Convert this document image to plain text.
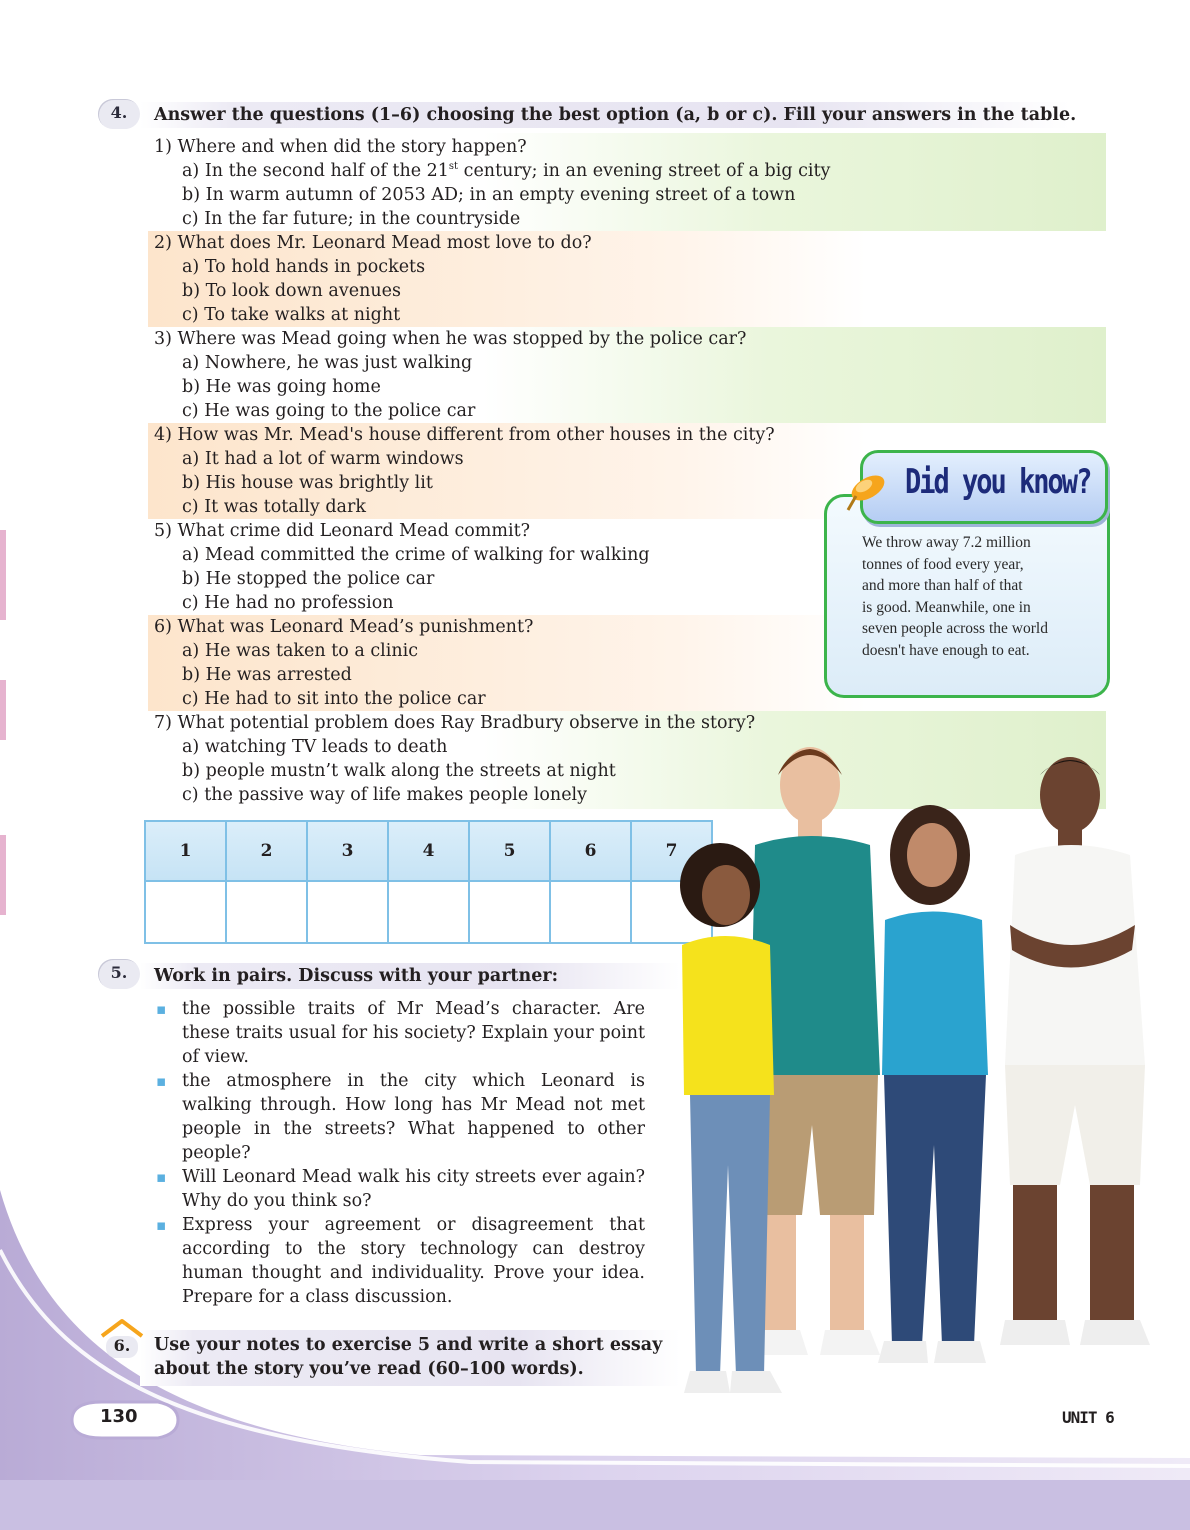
4.	Answer the questions (1–6) choosing the best option (a, b or c). Fill your answers in the table.
1) Where and when did the story happen?
a) In the second half of the 21st century; in an evening street of a big city
b) In warm autumn of 2053 AD; in an empty evening street of a town
c) In the far future; in the countryside
2) What does Mr. Leonard Mead most love to do?
a) To hold hands in pockets
b) To look down avenues
c) To take walks at night
3) Where was Mead going when he was stopped by the police car?
a) Nowhere, he was just walking
b) He was going home
c) He was going to the police car
4) How was Mr. Mead's house different from other houses in the city?
a) It had a lot of warm windows
b) His house was brightly lit
c) It was totally dark
5) What crime did Leonard Mead commit?
a) Mead committed the crime of walking for walking
b) He stopped the police car
c) He had no profession
6) What was Leonard Mead’s punishment?
a) He was taken to a clinic
b) He was arrested
c) He had to sit into the police car
7) What potential problem does Ray Bradbury observe in the story?
a) watching TV leads to death
b) people mustn’t walk along the streets at night
c) the passive way of life makes people lonely
Did you know?
We throw away 7.2 million
tonnes of food every year,
and more than half of that
is good. Meanwhile, one in
seven people across the world
doesn't have enough to eat.
1	2	3	4	5	6	7

5.	Work in pairs. Discuss with your partner:
▪ the possible traits of Mr Mead’s character. Are these traits usual for his society? Explain your point of view.
▪ the atmosphere in the city which Leonard is walking through. How long has Mr Mead not met people in the streets? What happened to other people?
▪ Will Leonard Mead walk his city streets ever again? Why do you think so?
▪ Express your agreement or disagreement that according to the story technology can destroy human thought and individuality. Prove your idea. Prepare for a class discussion.
6.	Use your notes to exercise 5 and write a short essay
about the story you’ve read (60–100 words).
130	UNIT 6
